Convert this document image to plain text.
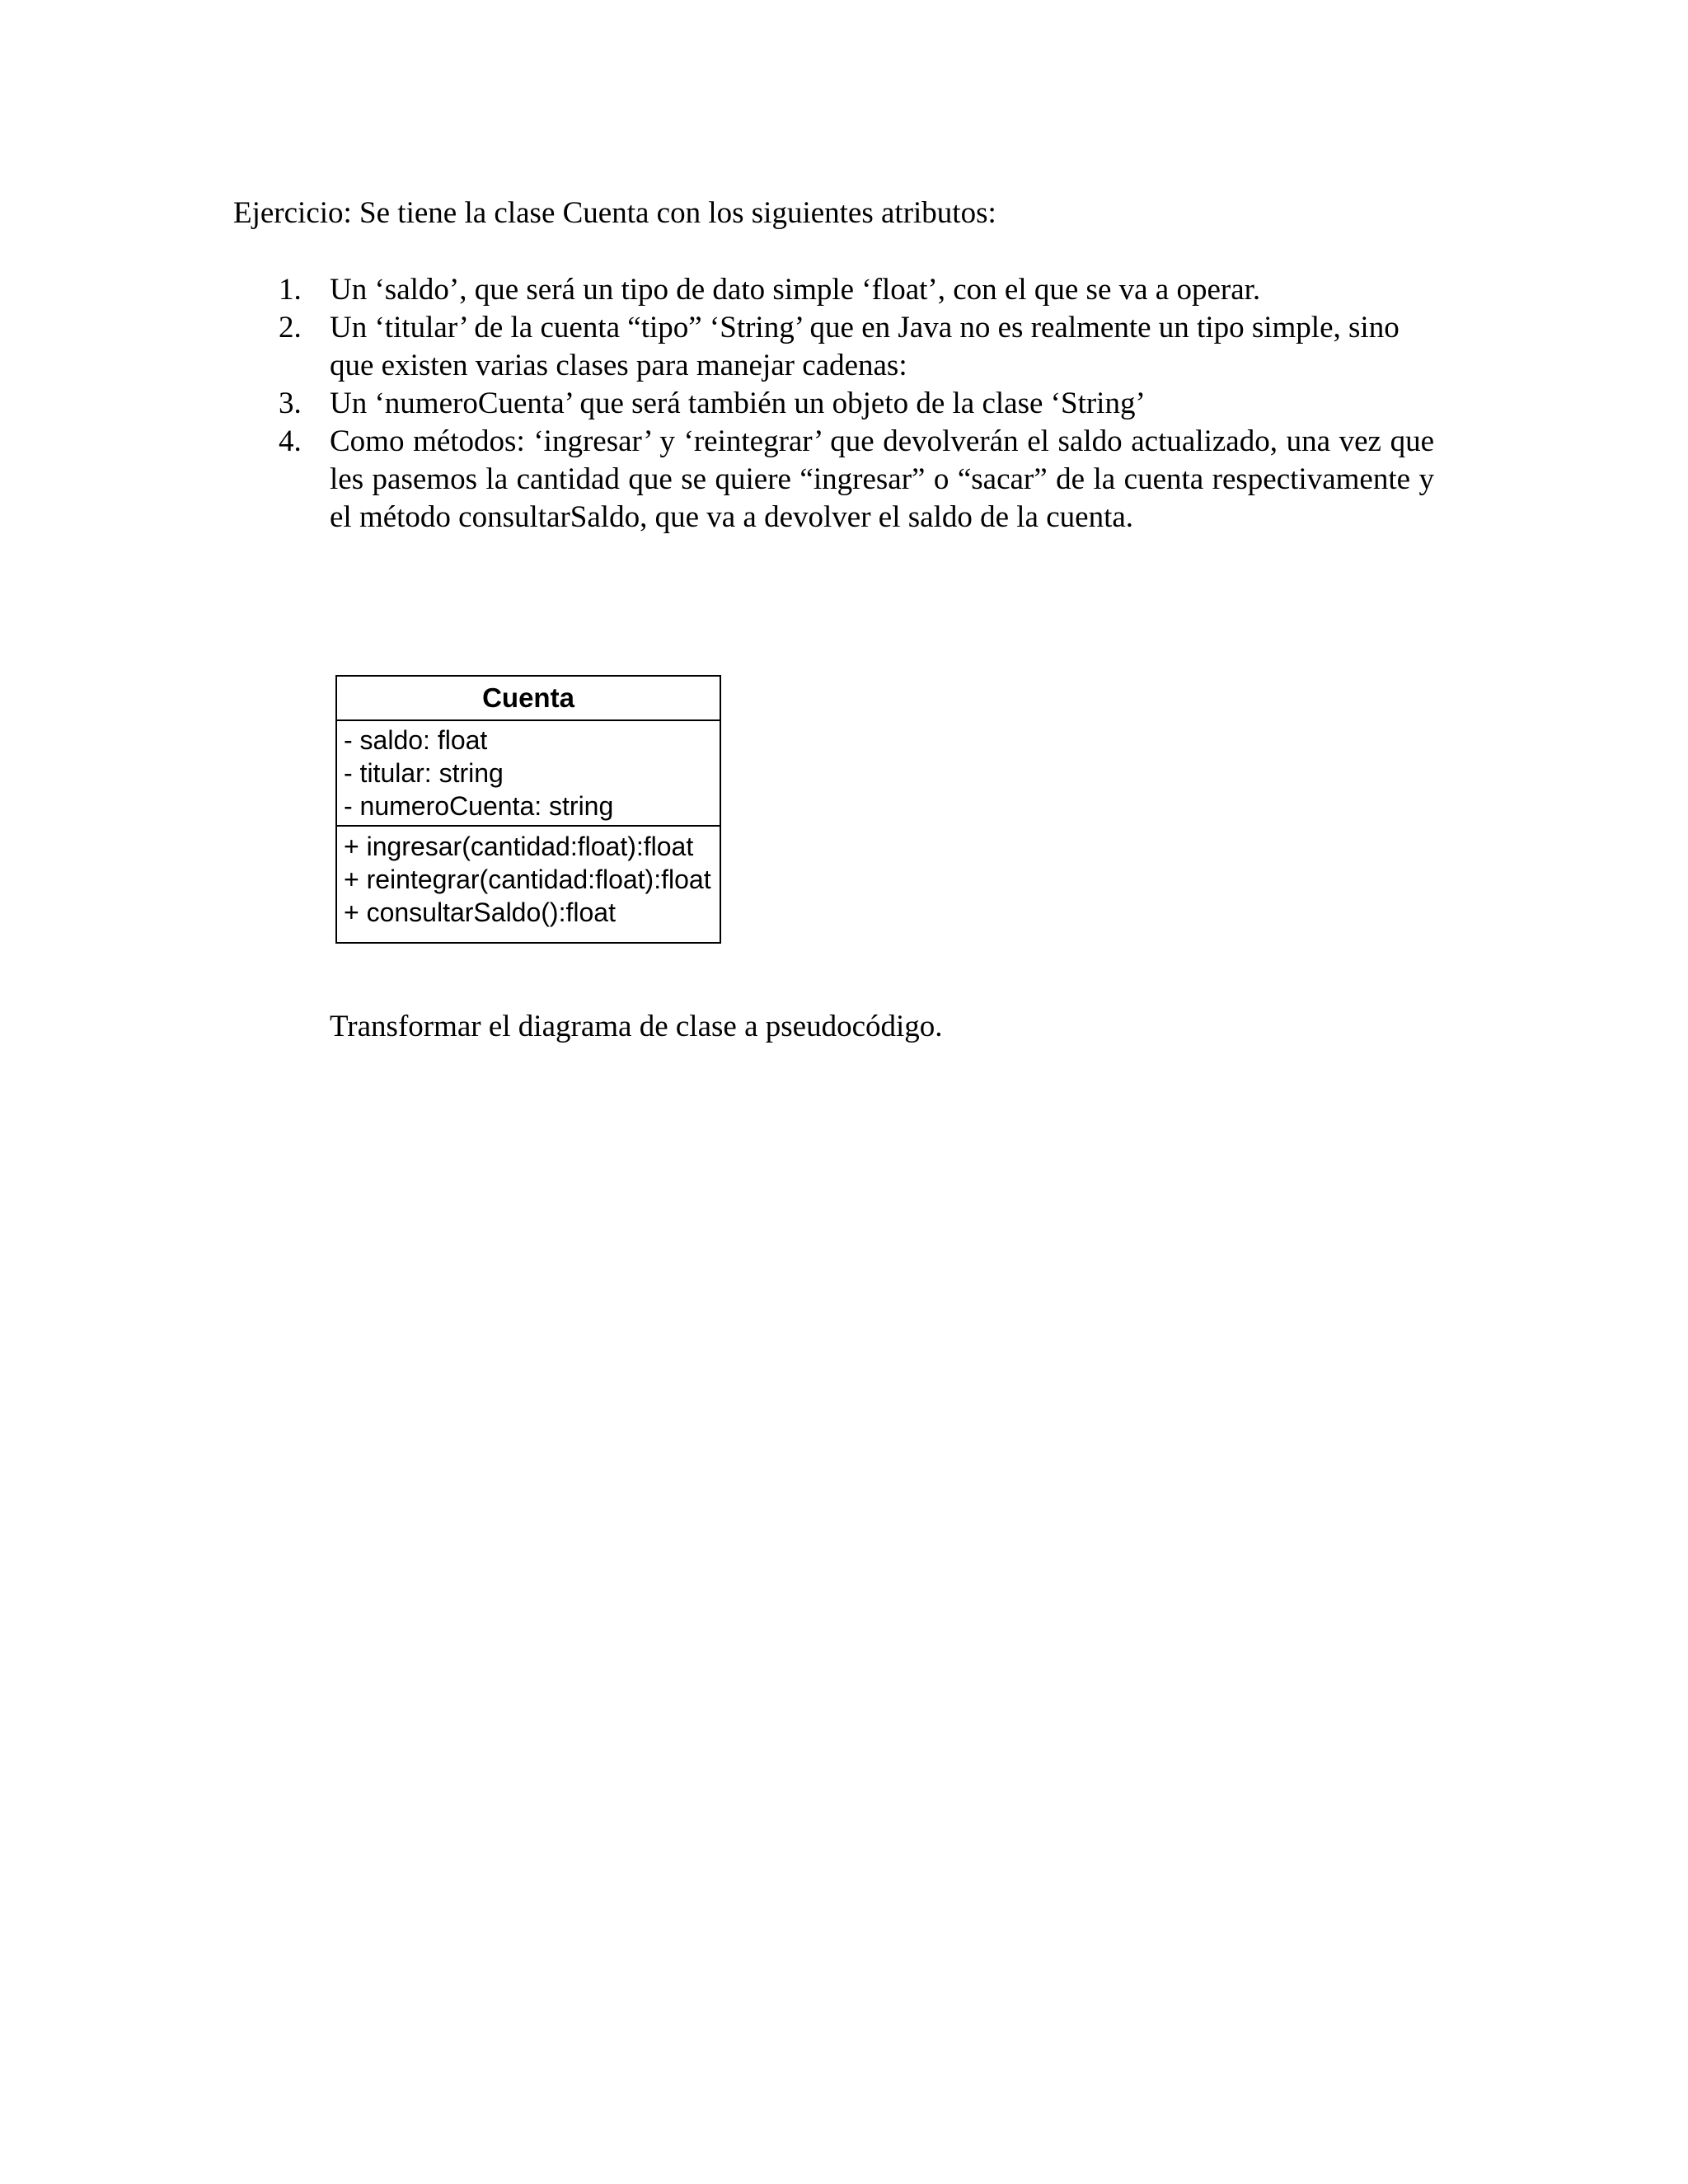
Ejercicio: Se tiene la clase Cuenta con los siguientes atributos:

1. Un ‘saldo’, que será un tipo de dato simple ‘float’, con el que se va a operar.
2. Un ‘titular’ de la cuenta “tipo” ‘String’ que en Java no es realmente un tipo simple, sino que existen varias clases para manejar cadenas:
3. Un ‘numeroCuenta’ que será también un objeto de la clase ‘String’
4. Como métodos: ‘ingresar’ y ‘reintegrar’ que devolverán el saldo actualizado, una vez que les pasemos la cantidad que se quiere “ingresar” o “sacar” de la cuenta respectivamente y el método consultarSaldo, que va a devolver el saldo de la cuenta.
Cuenta
- saldo: float
- titular: string
- numeroCuenta: string
+ ingresar(cantidad:float):float
+ reintegrar(cantidad:float):float
+ consultarSaldo():float

Transformar el diagrama de clase a pseudocódigo.
